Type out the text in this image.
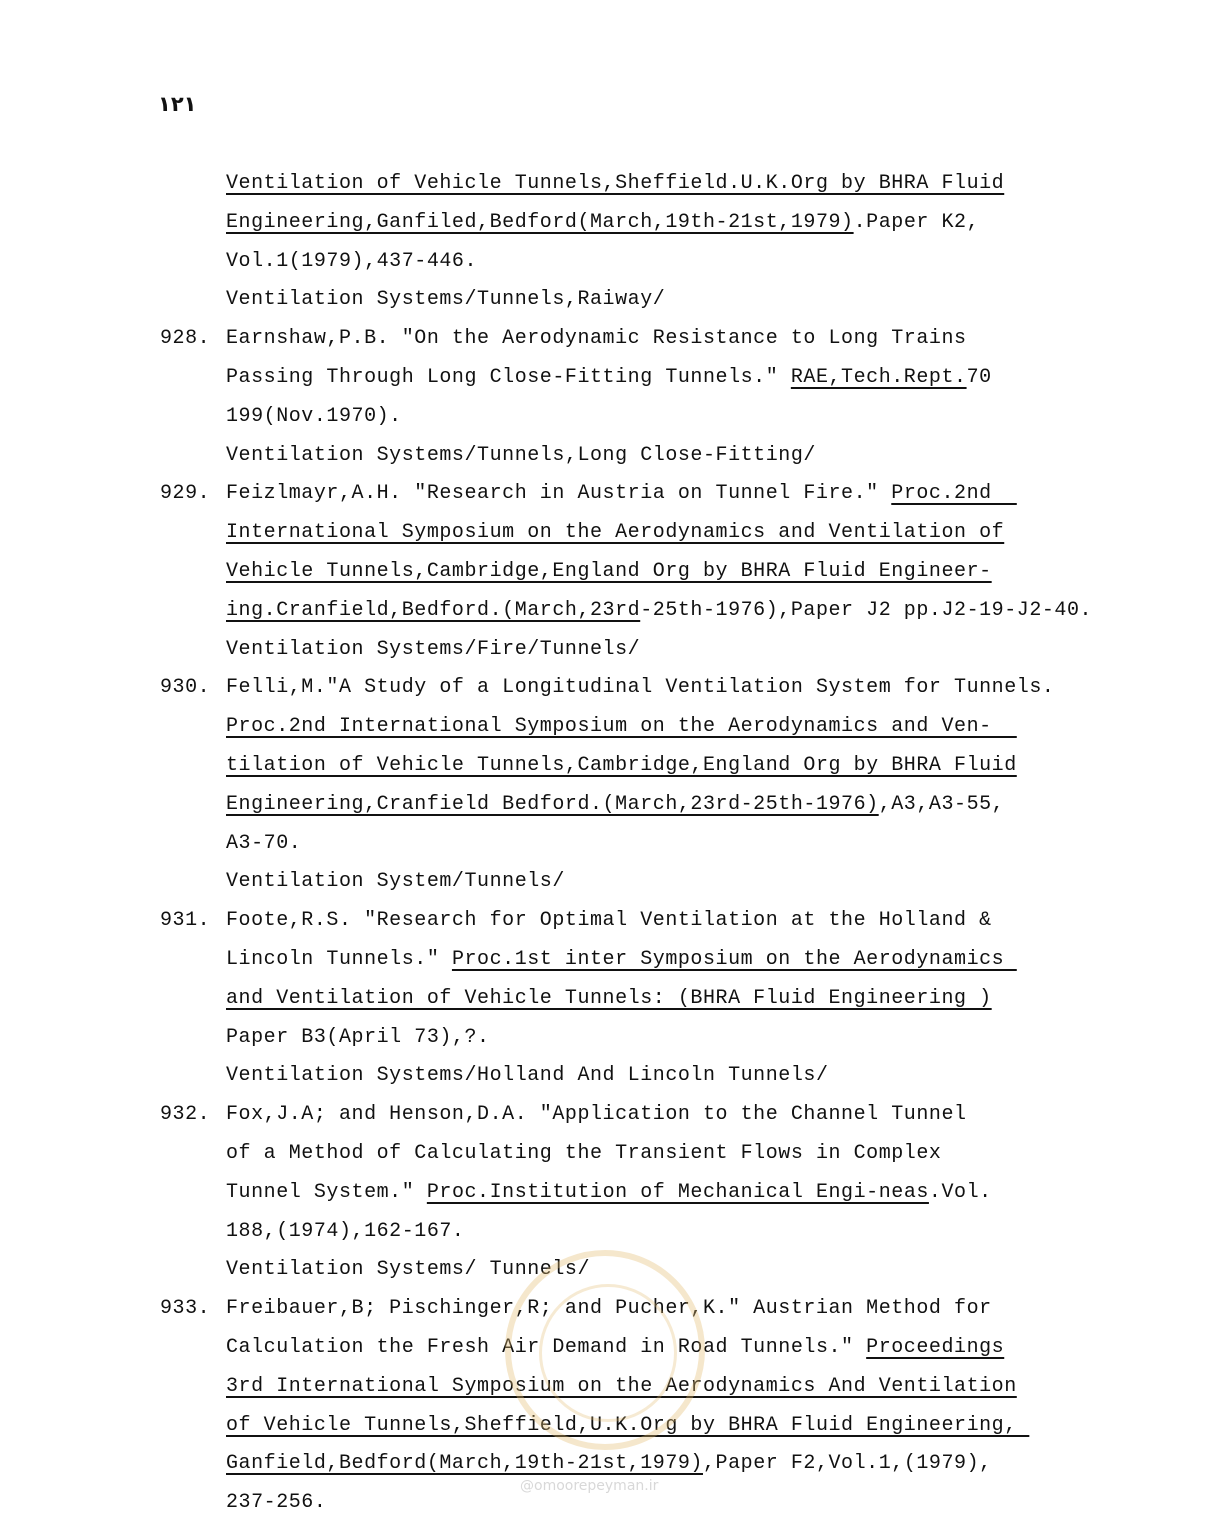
١٢١
Ventilation of Vehicle Tunnels,Sheffield.U.K.Org by BHRA Fluid
Engineering,Ganfiled,Bedford(March,19th-21st,1979).Paper K2,
Vol.1(1979),437-446.
Ventilation Systems/Tunnels,Raiway/
928. Earnshaw,P.B. "On the Aerodynamic Resistance to Long Trains
Passing Through Long Close-Fitting Tunnels." RAE,Tech.Rept.70
199(Nov.1970).
Ventilation Systems/Tunnels,Long Close-Fitting/
929. Feizlmayr,A.H. "Research in Austria on Tunnel Fire." Proc.2nd
International Symposium on the Aerodynamics and Ventilation of
Vehicle Tunnels,Cambridge,England Org by BHRA Fluid Engineer-
ing.Cranfield,Bedford.(March,23rd-25th-1976),Paper J2 pp.J2-19-J2-40.
Ventilation Systems/Fire/Tunnels/
930. Felli,M."A Study of a Longitudinal Ventilation System for Tunnels.
Proc.2nd International Symposium on the Aerodynamics and Ven-
tilation of Vehicle Tunnels,Cambridge,England Org by BHRA Fluid
Engineering,Cranfield Bedford.(March,23rd-25th-1976),A3,A3-55,
A3-70.
Ventilation System/Tunnels/
931. Foote,R.S. "Research for Optimal Ventilation at the Holland &
Lincoln Tunnels." Proc.1st inter Symposium on the Aerodynamics
and Ventilation of Vehicle Tunnels: (BHRA Fluid Engineering )
Paper B3(April 73),?.
Ventilation Systems/Holland And Lincoln Tunnels/
932. Fox,J.A; and Henson,D.A. "Application to the Channel Tunnel
of a Method of Calculating the Transient Flows in Complex
Tunnel System." Proc.Institution of Mechanical Engi-neas.Vol.
188,(1974),162-167.
Ventilation Systems/ Tunnels/
933. Freibauer,B; Pischinger,R; and Pucher,K." Austrian Method for
Calculation the Fresh Air Demand in Road Tunnels." Proceedings
3rd International Symposium on the Aerodynamics And Ventilation
of Vehicle Tunnels,Sheffield,U.K.Org by BHRA Fluid Engineering,
Ganfield,Bedford(March,19th-21st,1979),Paper F2,Vol.1,(1979),
237-256.
@omoorepeyman.ir
